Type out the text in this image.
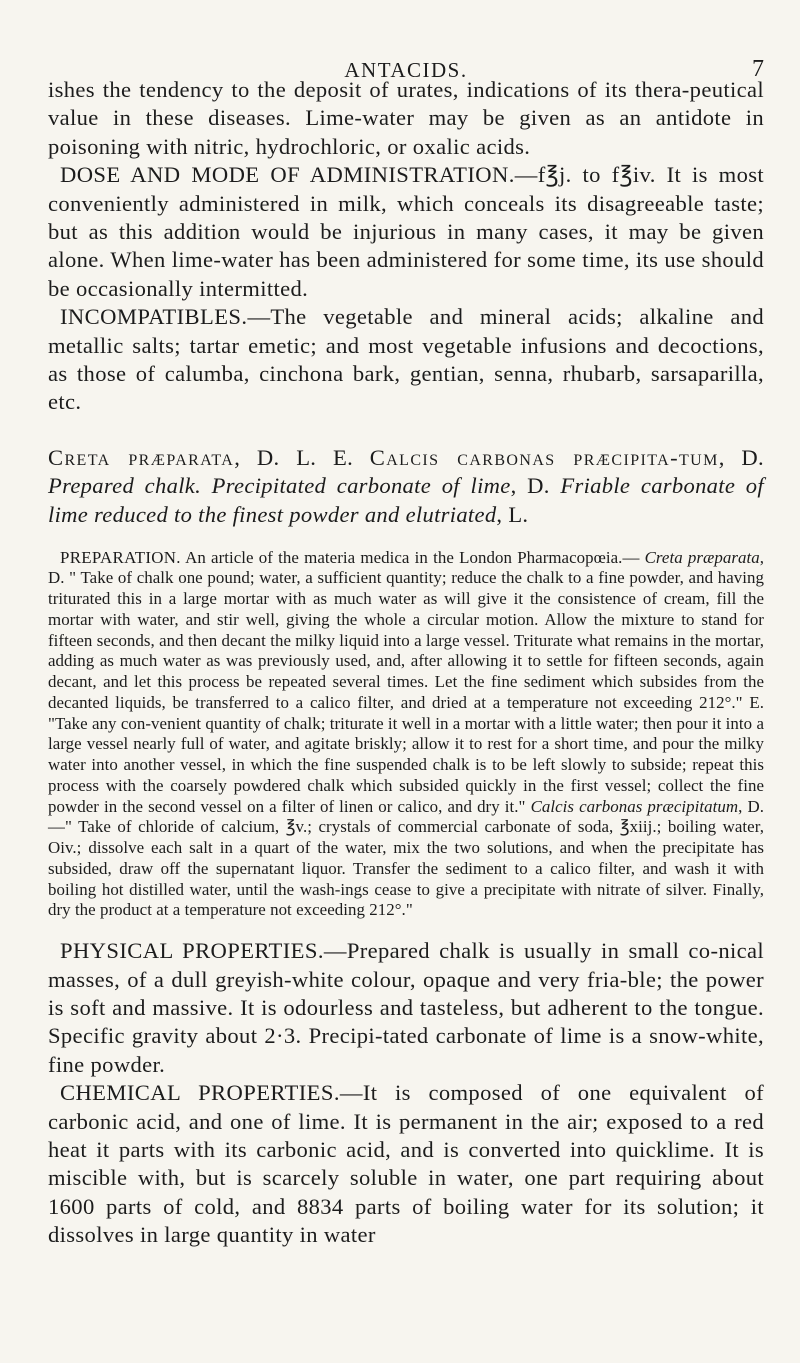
ANTACIDS.	7

ishes the tendency to the deposit of urates, indications of its thera-peutical value in these diseases. Lime-water may be given as an antidote in poisoning with nitric, hydrochloric, or oxalic acids.

DOSE AND MODE OF ADMINISTRATION.—f℥j. to f℥iv. It is most conveniently administered in milk, which conceals its disagreeable taste; but as this addition would be injurious in many cases, it may be given alone. When lime-water has been administered for some time, its use should be occasionally intermitted.

INCOMPATIBLES.—The vegetable and mineral acids; alkaline and metallic salts; tartar emetic; and most vegetable infusions and decoctions, as those of calumba, cinchona bark, gentian, senna, rhubarb, sarsaparilla, etc.

Creta præparata, D. L. E. Calcis carbonas præcipita-tum, D. Prepared chalk. Precipitated carbonate of lime, D. Friable carbonate of lime reduced to the finest powder and elutriated, L.

PREPARATION. An article of the materia medica in the London Pharmacopœia.— Creta præparata, D. " Take of chalk one pound; water, a sufficient quantity; reduce the chalk to a fine powder, and having triturated this in a large mortar with as much water as will give it the consistence of cream, fill the mortar with water, and stir well, giving the whole a circular motion. Allow the mixture to stand for fifteen seconds, and then decant the milky liquid into a large vessel. Triturate what remains in the mortar, adding as much water as was previously used, and, after allowing it to settle for fifteen seconds, again decant, and let this process be repeated several times. Let the fine sediment which subsides from the decanted liquids, be transferred to a calico filter, and dried at a temperature not exceeding 212°." E. "Take any con-venient quantity of chalk; triturate it well in a mortar with a little water; then pour it into a large vessel nearly full of water, and agitate briskly; allow it to rest for a short time, and pour the milky water into another vessel, in which the fine suspended chalk is to be left slowly to subside; repeat this process with the coarsely powdered chalk which subsided quickly in the first vessel; collect the fine powder in the second vessel on a filter of linen or calico, and dry it." Calcis carbonas præcipitatum, D. —" Take of chloride of calcium, ℥v.; crystals of commercial carbonate of soda, ℥xiij.; boiling water, Oiv.; dissolve each salt in a quart of the water, mix the two solutions, and when the precipitate has subsided, draw off the supernatant liquor. Transfer the sediment to a calico filter, and wash it with boiling hot distilled water, until the wash-ings cease to give a precipitate with nitrate of silver. Finally, dry the product at a temperature not exceeding 212°."

PHYSICAL PROPERTIES.—Prepared chalk is usually in small co-nical masses, of a dull greyish-white colour, opaque and very fria-ble; the power is soft and massive. It is odourless and tasteless, but adherent to the tongue. Specific gravity about 2·3. Precipi-tated carbonate of lime is a snow-white, fine powder.

CHEMICAL PROPERTIES.—It is composed of one equivalent of carbonic acid, and one of lime. It is permanent in the air; exposed to a red heat it parts with its carbonic acid, and is converted into quicklime. It is miscible with, but is scarcely soluble in water, one part requiring about 1600 parts of cold, and 8834 parts of boiling water for its solution; it dissolves in large quantity in water
